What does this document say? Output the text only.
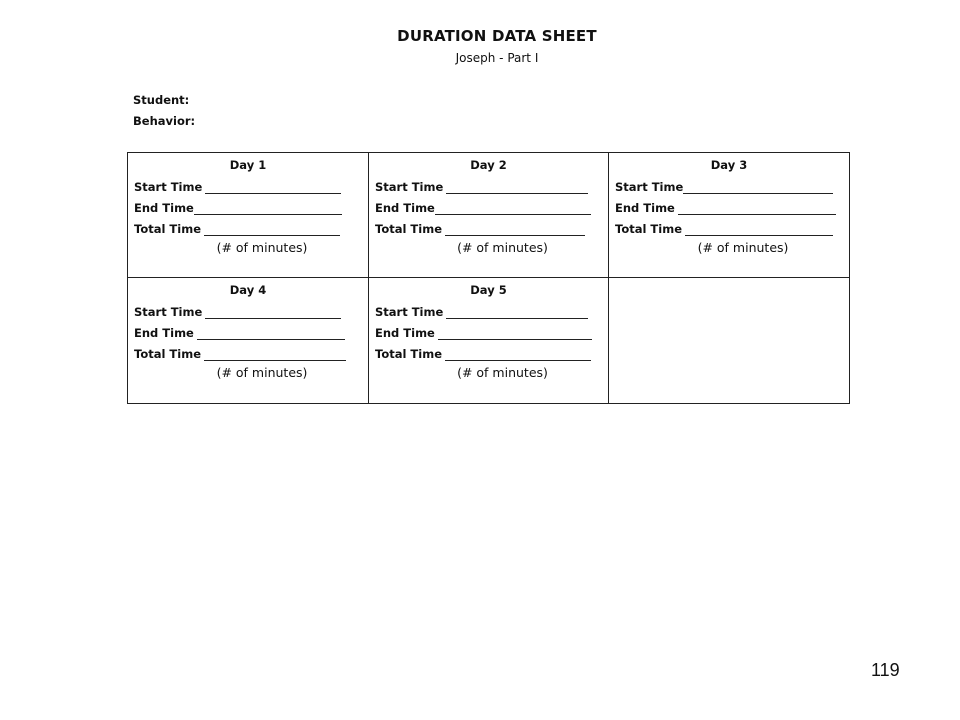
DURATION DATA SHEET
Joseph - Part I
Student:
Behavior:
Day 1
Start Time
End Time
Total Time
(# of minutes)
Day 2
Start Time
End Time
Total Time
(# of minutes)
Day 3
Start Time
End Time
Total Time
(# of minutes)
Day 4
Start Time
End Time
Total Time
(# of minutes)
Day 5
Start Time
End Time
Total Time
(# of minutes)
119
